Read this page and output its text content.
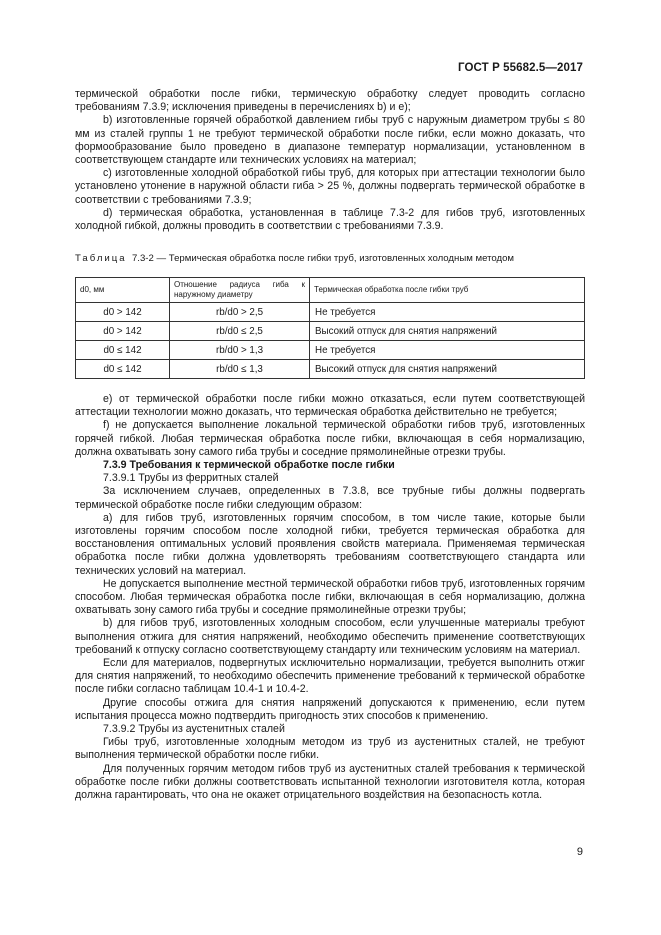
ГОСТ Р 55682.5—2017

термической обработки после гибки, термическую обработку следует проводить согласно требованиям 7.3.9; исключения приведены в перечислениях b) и е);

b) изготовленные горячей обработкой давлением гибы труб с наружным диаметром трубы ≤ 80 мм из сталей группы 1 не требуют термической обработки после гибки, если можно доказать, что формообразование было проведено в диапазоне температур нормализации, установленном в соответствующем стандарте или технических условиях на материал;

с) изготовленные холодной обработкой гибы труб, для которых при аттестации технологии было установлено утонение в наружной области гиба > 25 %, должны подвергать термической обработке в соответствии с требованиями 7.3.9;

d) термическая обработка, установленная в таблице 7.3-2 для гибов труб, изготовленных холодной гибкой, должны проводить в соответствии с требованиями 7.3.9.

Таблица 7.3-2 — Термическая обработка после гибки труб, изготовленных холодным методом

d0, мм	Отношение радиуса гиба к наружному диаметру	Термическая обработка после гибки труб
d0 > 142	rb/d0 > 2,5	Не требуется
d0 > 142	rb/d0 ≤ 2,5	Высокий отпуск для снятия напряжений
d0 ≤ 142	rb/d0 > 1,3	Не требуется
d0 ≤ 142	rb/d0 ≤ 1,3	Высокий отпуск для снятия напряжений

е) от термической обработки после гибки можно отказаться, если путем соответствующей аттестации технологии можно доказать, что термическая обработка действительно не требуется;

f) не допускается выполнение локальной термической обработки гибов труб, изготовленных горячей гибкой. Любая термическая обработка после гибки, включающая в себя нормализацию, должна охватывать зону самого гиба трубы и соседние прямолинейные отрезки трубы.

7.3.9 Требования к термической обработке после гибки

7.3.9.1 Трубы из ферритных сталей

За исключением случаев, определенных в 7.3.8, все трубные гибы должны подвергать термической обработке после гибки следующим образом:

а) для гибов труб, изготовленных горячим способом, в том числе такие, которые были изготовлены горячим способом после холодной гибки, требуется термическая обработка для восстановления оптимальных условий проявления свойств материала. Применяемая термическая обработка после гибки должна удовлетворять требованиям соответствующего стандарта или технических условий на материал.

Не допускается выполнение местной термической обработки гибов труб, изготовленных горячим способом. Любая термическая обработка после гибки, включающая в себя нормализацию, должна охватывать зону самого гиба трубы и соседние прямолинейные отрезки трубы;

b) для гибов труб, изготовленных холодным способом, если улучшенные материалы требуют выполнения отжига для снятия напряжений, необходимо обеспечить применение соответствующих требований к отпуску согласно соответствующему стандарту или техническим условиям на материал.

Если для материалов, подвергнутых исключительно нормализации, требуется выполнить отжиг для снятия напряжений, то необходимо обеспечить применение требований к термической обработке после гибки согласно таблицам 10.4-1 и 10.4-2.

Другие способы отжига для снятия напряжений допускаются к применению, если путем испытания процесса можно подтвердить пригодность этих способов к применению.

7.3.9.2 Трубы из аустенитных сталей

Гибы труб, изготовленные холодным методом из труб из аустенитных сталей, не требуют выполнения термической обработки после гибки.

Для полученных горячим методом гибов труб из аустенитных сталей требования к термической обработке после гибки должны соответствовать испытанной технологии изготовителя котла, которая должна гарантировать, что она не окажет отрицательного воздействия на безопасность котла.

9
